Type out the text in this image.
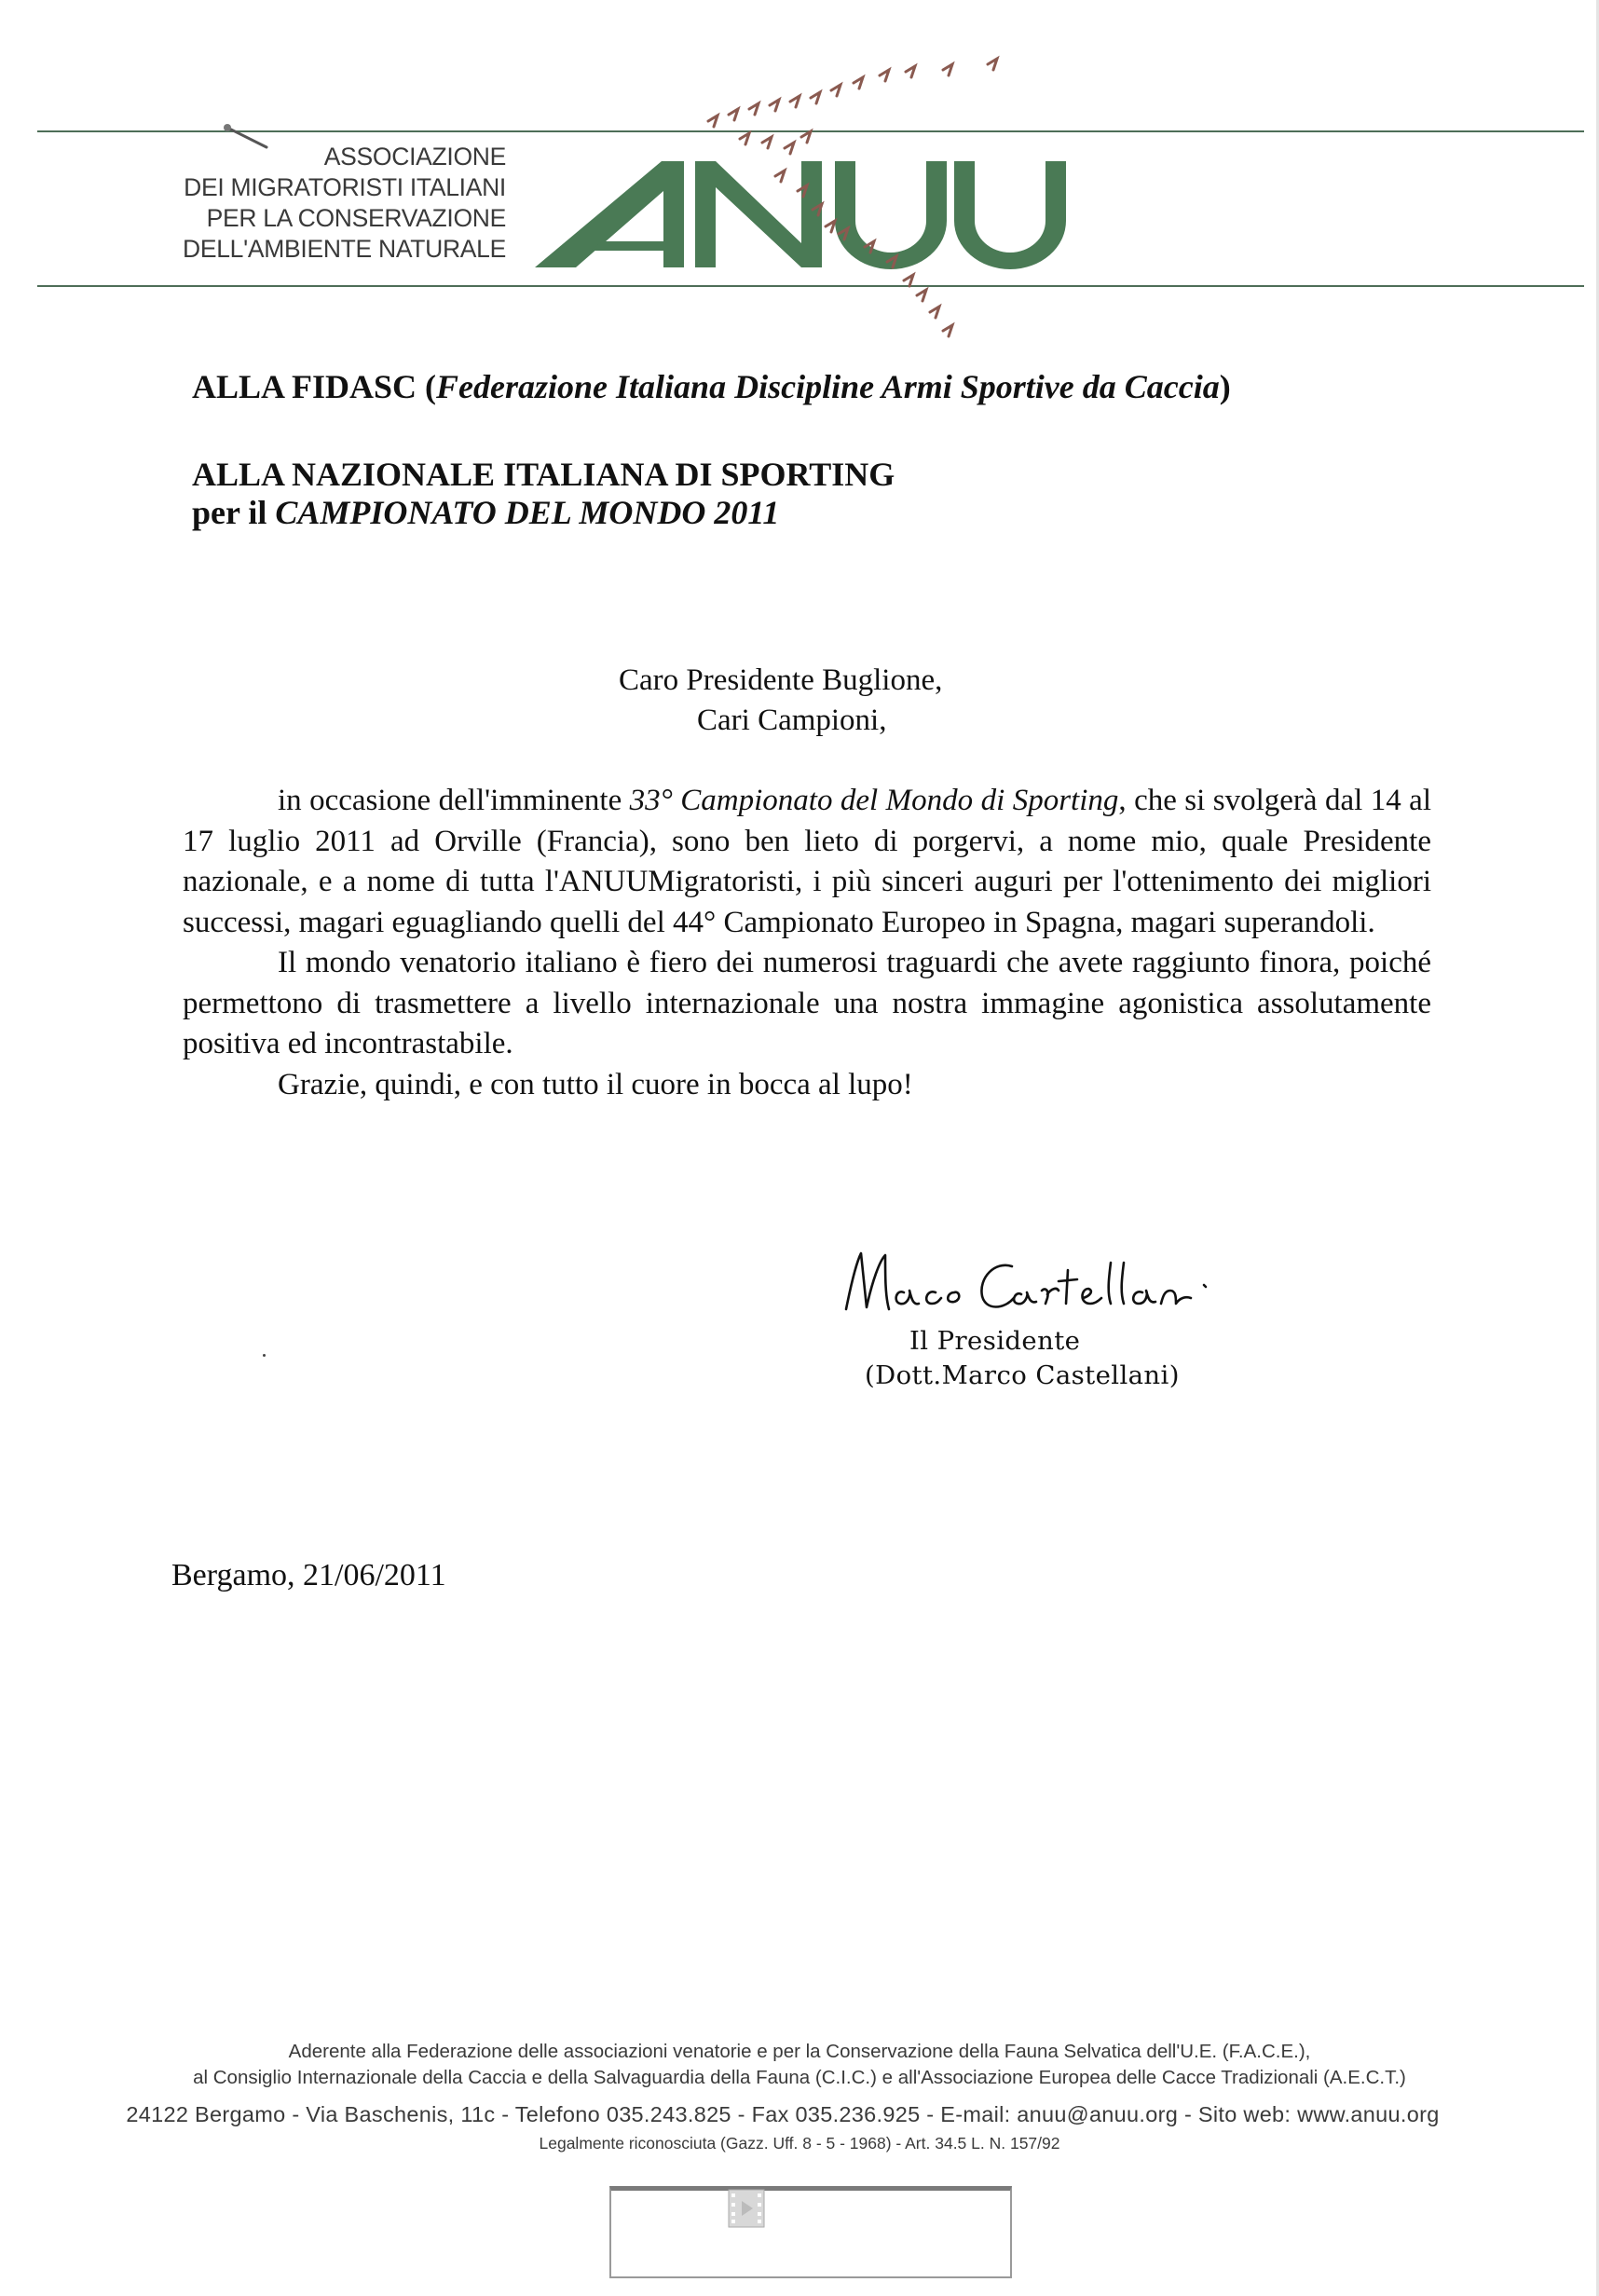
ASSOCIAZIONE
DEI MIGRATORISTI ITALIANI
PER LA CONSERVAZIONE
DELL'AMBIENTE NATURALE
ANUU
ALLA FIDASC (Federazione Italiana Discipline Armi Sportive da Caccia)
ALLA NAZIONALE ITALIANA DI SPORTING
per il CAMPIONATO DEL MONDO 2011
Caro Presidente Buglione,
Cari Campioni,

in occasione dell'imminente 33° Campionato del Mondo di Sporting, che si svolgerà dal 14 al 17 luglio 2011 ad Orville (Francia), sono ben lieto di porgervi, a nome mio, quale Presidente nazionale, e a nome di tutta l'ANUUMigratoristi, i più sinceri auguri per l'ottenimento dei migliori successi, magari eguagliando quelli del 44° Campionato Europeo in Spagna, magari superandoli.

Il mondo venatorio italiano è fiero dei numerosi traguardi che avete raggiunto finora, poiché permettono di trasmettere a livello internazionale una nostra immagine agonistica assolutamente positiva ed incontrastabile.

Grazie, quindi, e con tutto il cuore in bocca al lupo!

Marco Castellani
Il Presidente
(Dott.Marco Castellani)
Bergamo, 21/06/2011
Aderente alla Federazione delle associazioni venatorie e per la Conservazione della Fauna Selvatica dell'U.E. (F.A.C.E.),
al Consiglio Internazionale della Caccia e della Salvaguardia della Fauna (C.I.C.) e all'Associazione Europea delle Cacce Tradizionali (A.E.C.T.)
24122 Bergamo - Via Baschenis, 11c - Telefono 035.243.825 - Fax 035.236.925 - E-mail: anuu@anuu.org - Sito web: www.anuu.org
Legalmente riconosciuta (Gazz. Uff. 8 - 5 - 1968) - Art. 34.5 L. N. 157/92
